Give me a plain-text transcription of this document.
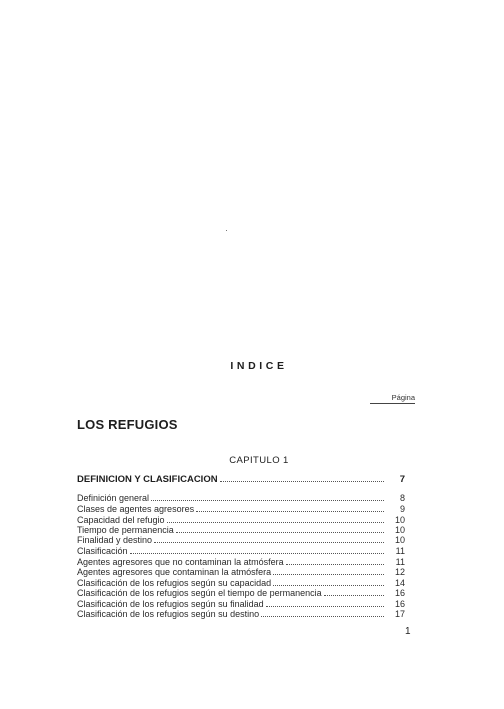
INDICE
Página
LOS REFUGIOS
CAPITULO 1
DEFINICION Y CLASIFICACION	7
Definición general	8
Clases de agentes agresores	9
Capacidad del refugio	10
Tiempo de permanencia	10
Finalidad y destino	10
Clasificación	11
Agentes agresores que no contaminan la atmósfera	11
Agentes agresores que contaminan la atmósfera	12
Clasificación de los refugios según su capacidad	14
Clasificación de los refugios según el tiempo de permanencia	16
Clasificación de los refugios según su finalidad	16
Clasificación de los refugios según su destino	17
1
